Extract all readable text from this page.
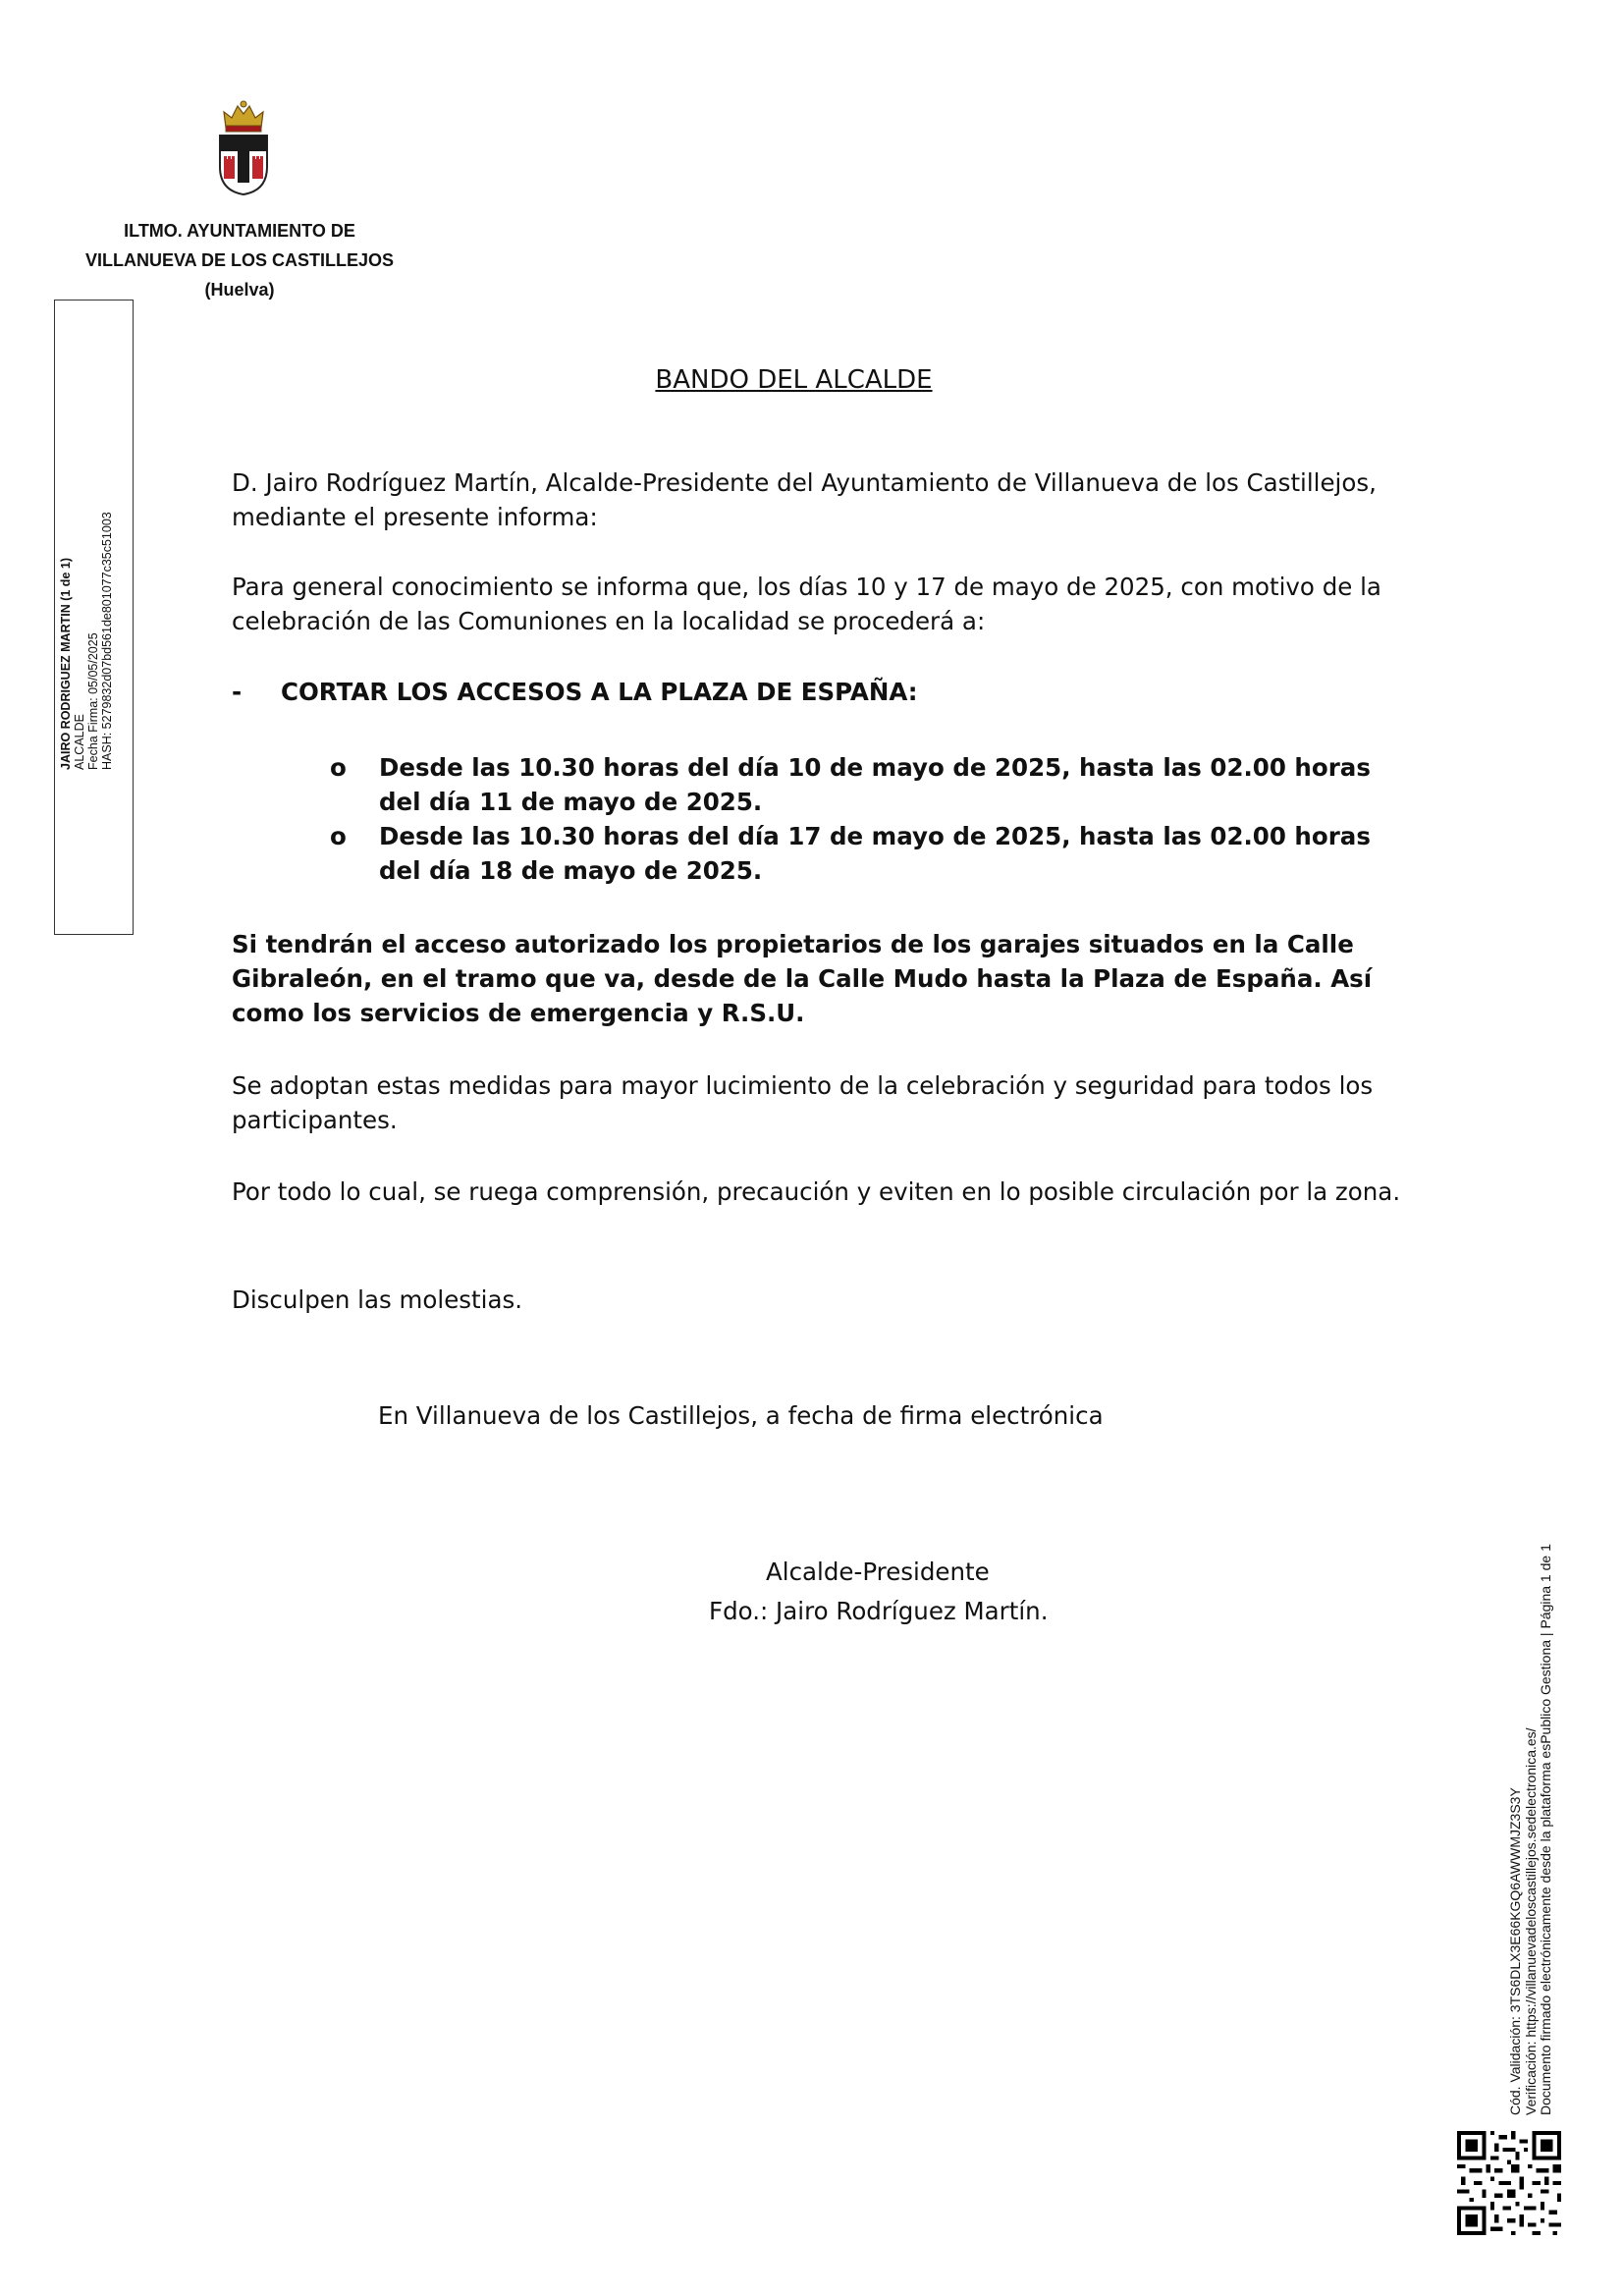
ILTMO. AYUNTAMIENTO DE
VILLANUEVA DE LOS CASTILLEJOS
(Huelva)
JAIRO RODRIGUEZ MARTIN (1 de 1) ALCALDE Fecha Firma: 05/05/2025 HASH: 5279832d07bd561de801077c35c51003
BANDO DEL ALCALDE
D. Jairo Rodríguez Martín, Alcalde-Presidente del Ayuntamiento de Villanueva de los Castillejos, mediante el presente informa:
Para general conocimiento se informa que, los días 10 y 17 de mayo de 2025, con motivo de la celebración de las Comuniones en la localidad se procederá a:
- CORTAR LOS ACCESOS A LA PLAZA DE ESPAÑA:
o Desde las 10.30 horas del día 10 de mayo de 2025, hasta las 02.00 horas del día 11 de mayo de 2025.
o Desde las 10.30 horas del día 17 de mayo de 2025, hasta las 02.00 horas del día 18 de mayo de 2025.
Si tendrán el acceso autorizado los propietarios de los garajes situados en la Calle Gibraleón, en el tramo que va, desde de la Calle Mudo hasta la Plaza de España. Así como los servicios de emergencia y R.S.U.
Se adoptan estas medidas para mayor lucimiento de la celebración y seguridad para todos los participantes.
Por todo lo cual, se ruega comprensión, precaución y eviten en lo posible circulación por la zona.
Disculpen las molestias.
En Villanueva de los Castillejos, a fecha de firma electrónica
Alcalde-Presidente
Fdo.: Jairo Rodríguez Martín.
Cód. Validación: 3TS6DLX3E66KGQ6AWWMJZ3S3Y Verificación: https://villanuevadeloscastillejos.sedelectronica.es/ Documento firmado electrónicamente desde la plataforma esPublico Gestiona | Página 1 de 1
